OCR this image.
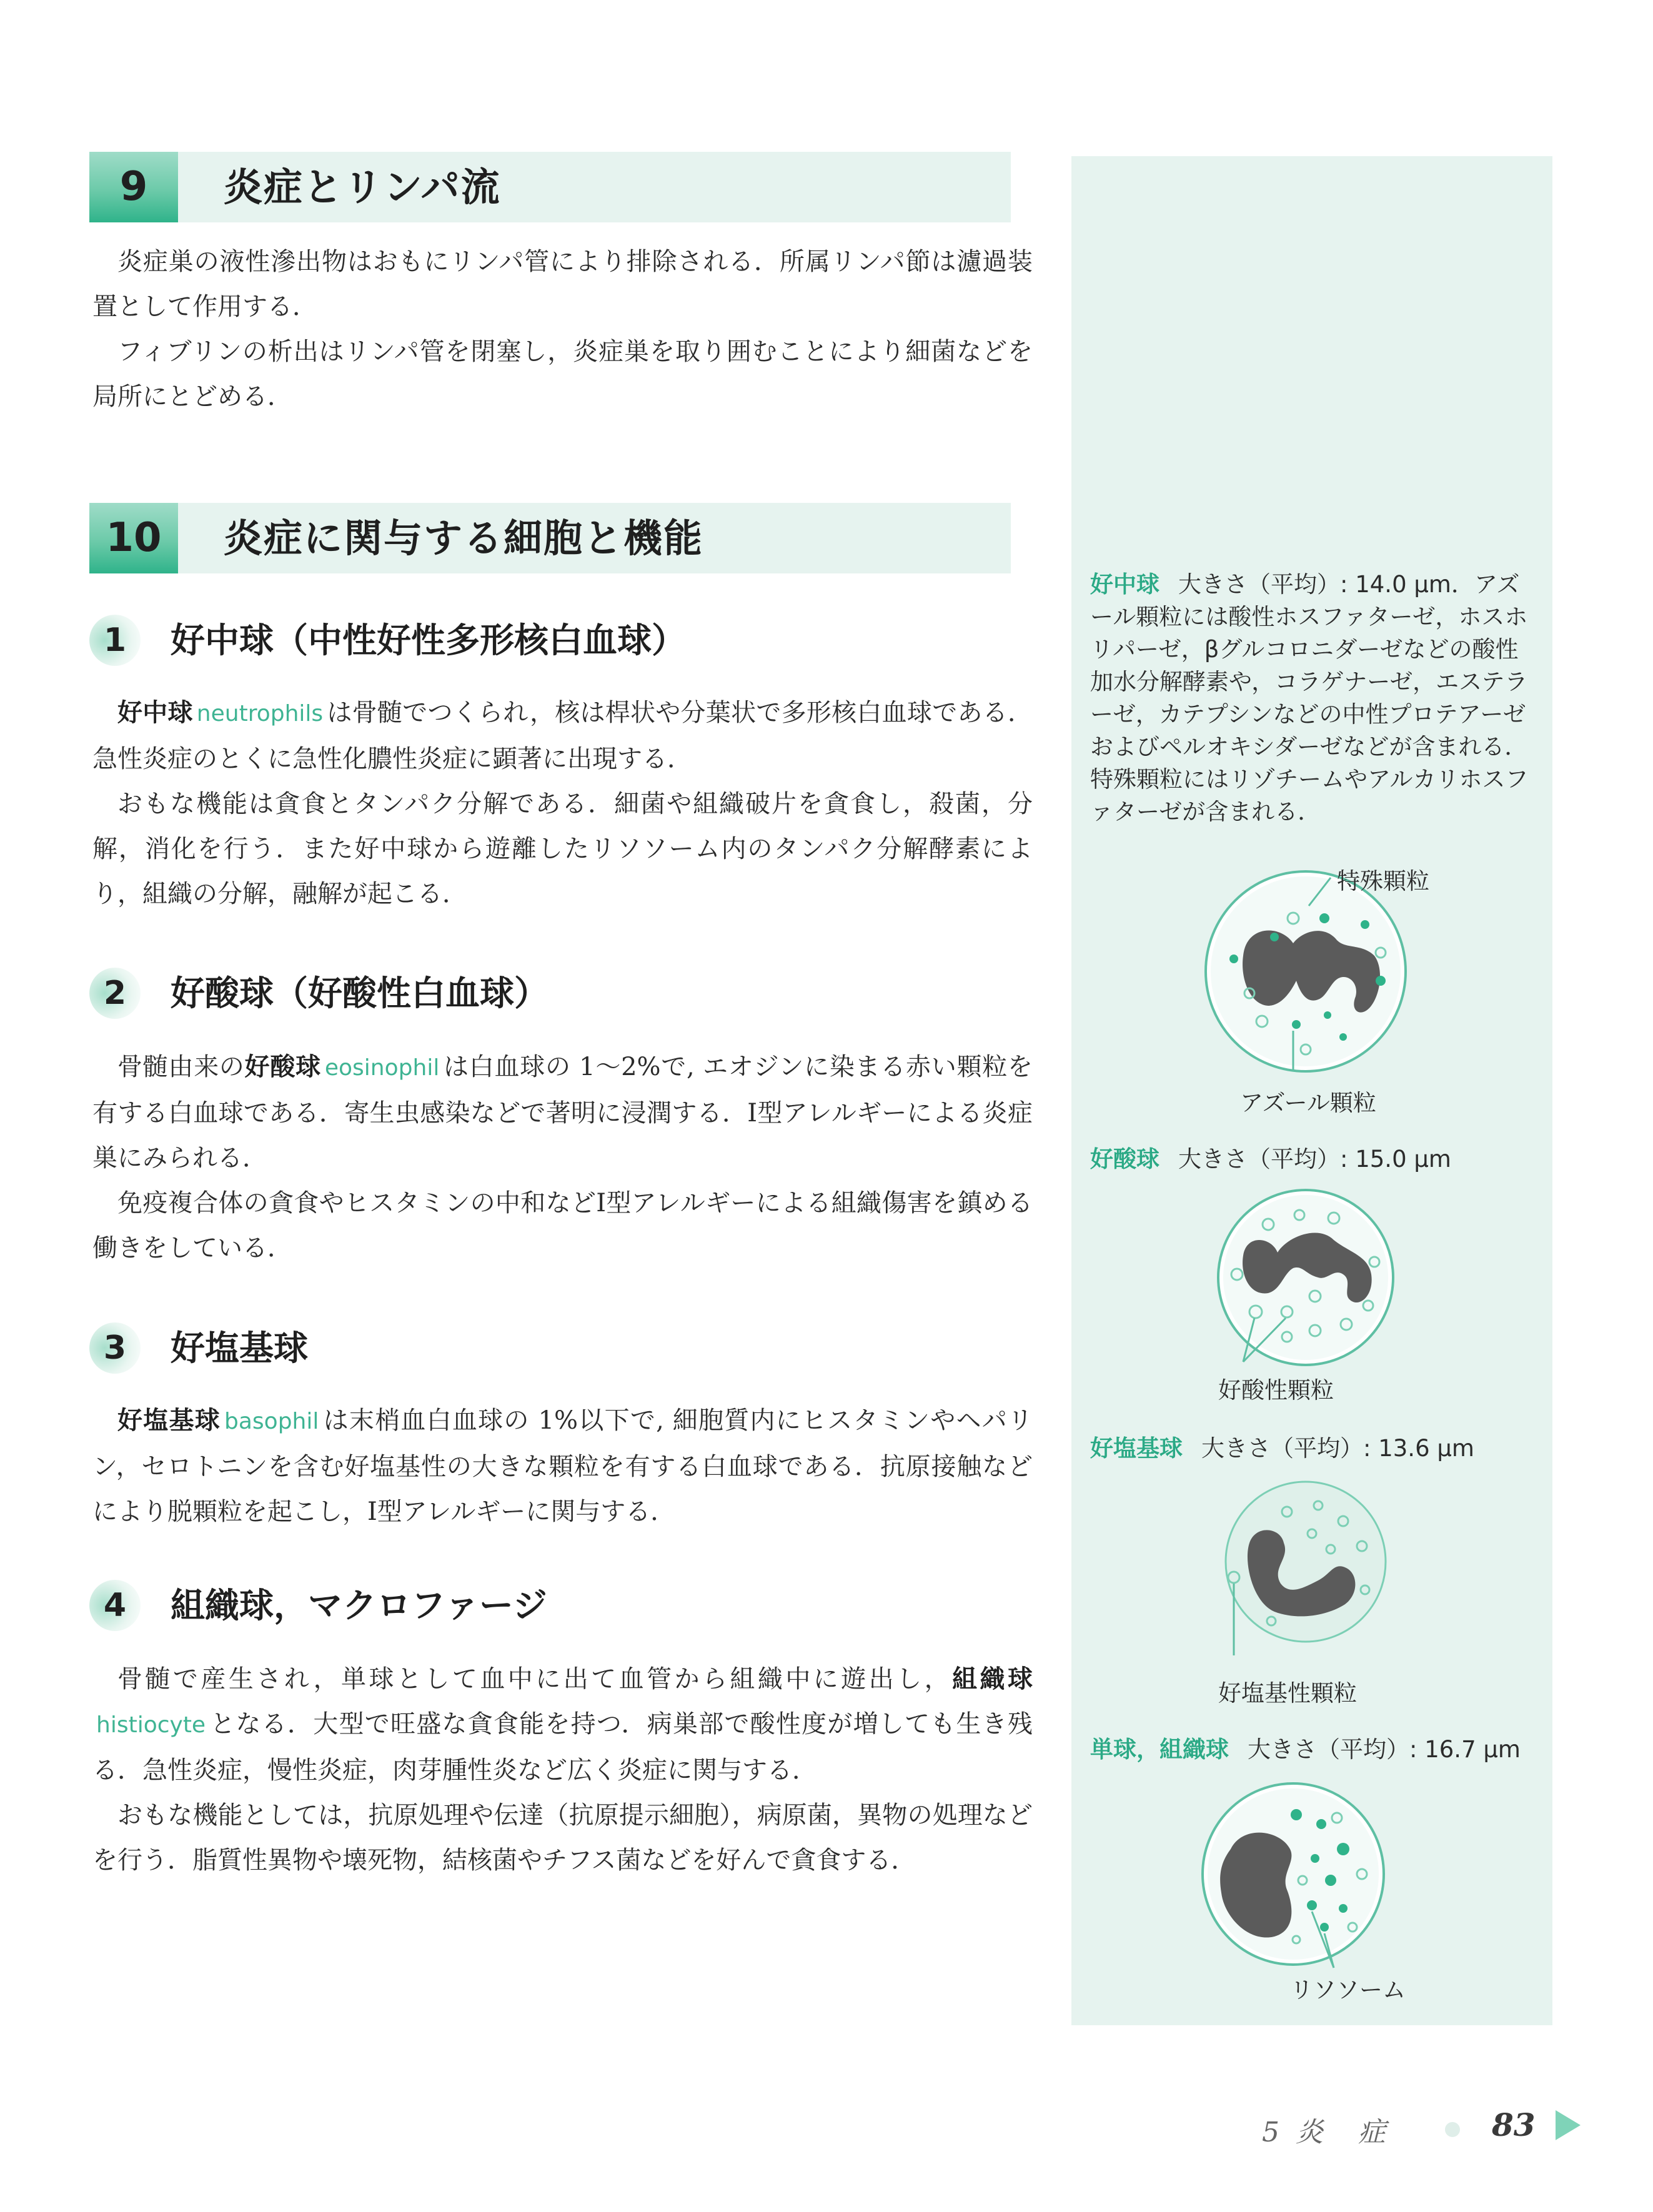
9	炎症とリンパ流

炎症巣の液性滲出物はおもにリンパ管により排除される．所属リンパ節は濾過装置として作用する．

フィブリンの析出はリンパ管を閉塞し，炎症巣を取り囲むことにより細菌などを局所にとどめる．

10	炎症に関与する細胞と機能
1	好中球（中性好性多形核白血球）

好中球 neutrophils は骨髄でつくられ，核は桿状や分葉状で多形核白血球である．急性炎症のとくに急性化膿性炎症に顕著に出現する．

おもな機能は貪食とタンパク分解である．細菌や組織破片を貪食し，殺菌，分解，消化を行う．また好中球から遊離したリソソーム内のタンパク分解酵素により，組織の分解，融解が起こる．

2	好酸球（好酸性白血球）

骨髄由来の好酸球 eosinophil は白血球の 1〜2%で, エオジンに染まる赤い顆粒を有する白血球である．寄生虫感染などで著明に浸潤する．Ⅰ型アレルギーによる炎症巣にみられる．

免疫複合体の貪食やヒスタミンの中和などⅠ型アレルギーによる組織傷害を鎮める働きをしている．

3	好塩基球

好塩基球 basophil は末梢血白血球の 1%以下で, 細胞質内にヒスタミンやヘパリン，セロトニンを含む好塩基性の大きな顆粒を有する白血球である．抗原接触などにより脱顆粒を起こし，Ⅰ型アレルギーに関与する．

4	組織球，マクロファージ

骨髄で産生され，単球として血中に出て血管から組織中に遊出し，組織球histiocyte となる．大型で旺盛な貪食能を持つ．病巣部で酸性度が増しても生き残る．急性炎症，慢性炎症，肉芽腫性炎など広く炎症に関与する．

おもな機能としては，抗原処理や伝達（抗原提示細胞），病原菌，異物の処理などを行う．脂質性異物や壊死物，結核菌やチフス菌などを好んで貪食する．

好中球 大きさ（平均）: 14.0 μm．アズール顆粒には酸性ホスファターゼ，ホスホリパーゼ，βグルコロニダーゼなどの酸性加水分解酵素や，コラゲナーゼ，エステラーゼ，カテプシンなどの中性プロテアーゼおよびペルオキシダーゼなどが含まれる．特殊顆粒にはリゾチームやアルカリホスファターゼが含まれる．
特殊顆粒
アズール顆粒
好酸球 大きさ（平均）: 15.0 μm
好酸性顆粒
好塩基球 大きさ（平均）: 13.6 μm
好塩基性顆粒
単球，組織球 大きさ（平均）: 16.7 μm
リソソーム
5 炎　症	83
